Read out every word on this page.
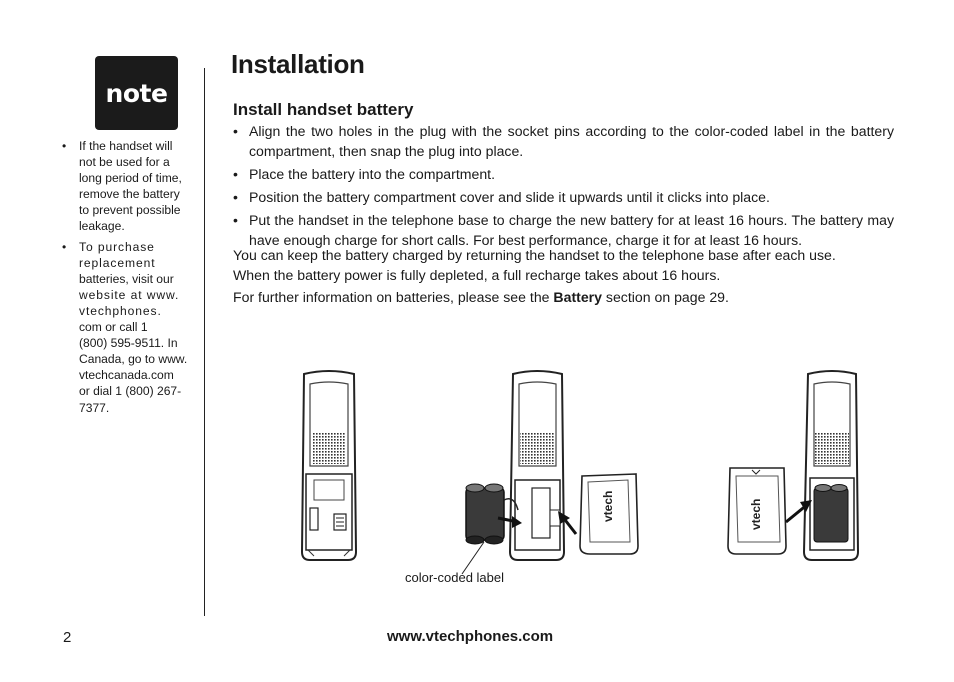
note
• If the handset will
not be used for a
long period of time,
remove the battery
to prevent possible
leakage.
• To purchase
replacement
batteries, visit our
website at www.
vtechphones.
com or call 1
(800) 595-9511. In
Canada, go to www.
vtechcanada.com
or dial 1 (800) 267-
7377.
Installation
Install handset battery
• Align the two holes in the plug with the socket pins according to the color-coded label in the battery compartment, then snap the plug into place.
• Place the battery into the compartment.
• Position the battery compartment cover and slide it upwards until it clicks into place.
• Put the handset in the telephone base to charge the new battery for at least 16 hours. The battery may have enough charge for short calls. For best performance, charge it for at least 16 hours.

You can keep the battery charged by returning the handset to the telephone base after each use.
When the battery power is fully depleted, a full recharge takes about 16 hours.

For further information on batteries, please see the Battery section on page 29.

vtech	vtech
color-coded label
2	www.vtechphones.com
